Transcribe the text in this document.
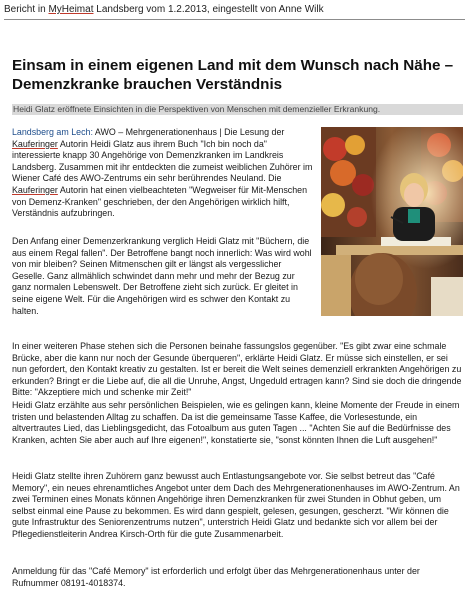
Bericht in MyHeimat Landsberg vom 1.2.2013, eingestellt von Anne Wilk
Einsam in einem eigenen Land mit dem Wunsch nach Nähe – Demenzkranke brauchen Verständnis
Heidi Glatz eröffnete Einsichten in die Perspektiven von Menschen mit demenzieller Erkrankung.

Landsberg am Lech: AWO – Mehrgenerationenhaus | Die Lesung der Kauferinger Autorin Heidi Glatz aus ihrem Buch "Ich bin noch da" interessierte knapp 30 Angehörige von Demenzkranken im Landkreis Landsberg. Zusammen mit ihr entdeckten die zumeist weiblichen Zuhörer im Wiener Café des AWO-Zentrums ein sehr berührendes Neuland. Die Kauferinger Autorin hat einen vielbeachteten "Wegweiser für Mit-Menschen von Demenz-Kranken" geschrieben, der den Angehörigen wirklich hilft, Verständnis aufzubringen.

Den Anfang einer Demenzerkrankung verglich Heidi Glatz mit "Büchern, die aus einem Regal fallen". Der Betroffene bangt noch innerlich: Was wird wohl von mir bleiben? Seinen Mitmenschen gilt er längst als vergesslicher Geselle. Ganz allmählich schwindet dann mehr und mehr der Bezug zur ganz normalen Lebenswelt. Der Betroffene zieht sich zurück. Er gleitet in seine eigene Welt. Für die Angehörigen wird es schwer den Kontakt zu halten.

In einer weiteren Phase stehen sich die Personen beinahe fassungslos gegenüber. "Es gibt zwar eine schmale Brücke, aber die kann nur noch der Gesunde überqueren", erklärte Heidi Glatz. Er müsse sich einstellen, er sei nun gefordert, den Kontakt kreativ zu gestalten. Ist er bereit die Welt seines demenziell erkrankten Angehörigen zu erkunden? Bringt er die Liebe auf, die all die Unruhe, Angst, Ungeduld ertragen kann? Sind sie doch die dringende Bitte: "Akzeptiere mich und schenke mir Zeit!"

Heidi Glatz erzählte aus sehr persönlichen Beispielen, wie es gelingen kann, kleine Momente der Freude in einem tristen und belastenden Alltag zu schaffen. Da ist die gemeinsame Tasse Kaffee, die Vorlesestunde, ein altvertrautes Lied, das Lieblingsgedicht, das Fotoalbum aus guten Tagen ... "Achten Sie auf die Bedürfnisse des Kranken, achten Sie aber auch auf Ihre eigenen!", konstatierte sie, "sonst könnten Ihnen die Luft ausgehen!"

Heidi Glatz stellte ihren Zuhörern ganz bewusst auch Entlastungsangebote vor. Sie selbst betreut das "Café Memory", ein neues ehrenamtliches Angebot unter dem Dach des Mehrgenerationenhauses im AWO-Zentrum. An zwei Terminen eines Monats können Angehörige ihren Demenzkranken für zwei Stunden in Obhut geben, um selbst einmal eine Pause zu bekommen. Es wird dann gespielt, gelesen, gesungen, gescherzt. "Wir können die gute Infrastruktur des Seniorenzentrums nutzen", unterstrich Heidi Glatz und bedankte sich vor allem bei der Pflegedienstleiterin Andrea Kirsch-Orth für die gute Zusammenarbeit.

Anmeldung für das "Café Memory" ist erforderlich und erfolgt über das Mehrgenerationenhaus unter der Rufnummer 08191-4018374.
